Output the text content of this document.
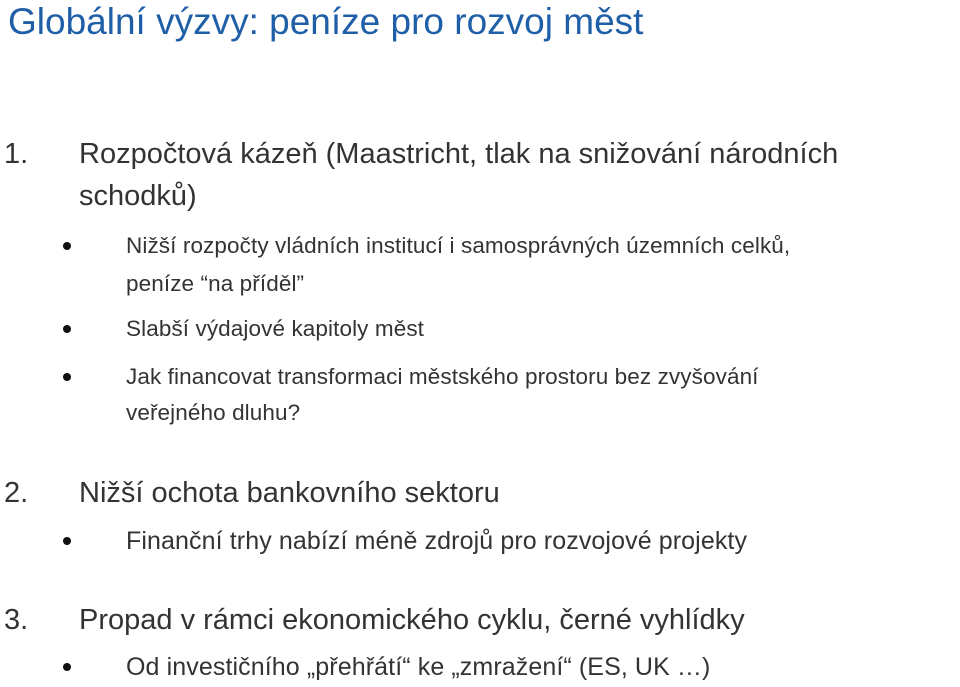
Globální výzvy: peníze pro rozvoj měst
1. Rozpočtová kázeň (Maastricht, tlak na snižování národních
schodků)
Nižší rozpočty vládních institucí i samosprávných územních celků,
peníze “na příděl”
Slabší výdajové kapitoly měst
Jak financovat transformaci městského prostoru bez zvyšování
veřejného dluhu?
2. Nižší ochota bankovního sektoru
Finanční trhy nabízí méně zdrojů pro rozvojové projekty
3. Propad v rámci ekonomického cyklu, černé vyhlídky
Od investičního „přehřátí“ ke „zmražení“ (ES, UK …)
